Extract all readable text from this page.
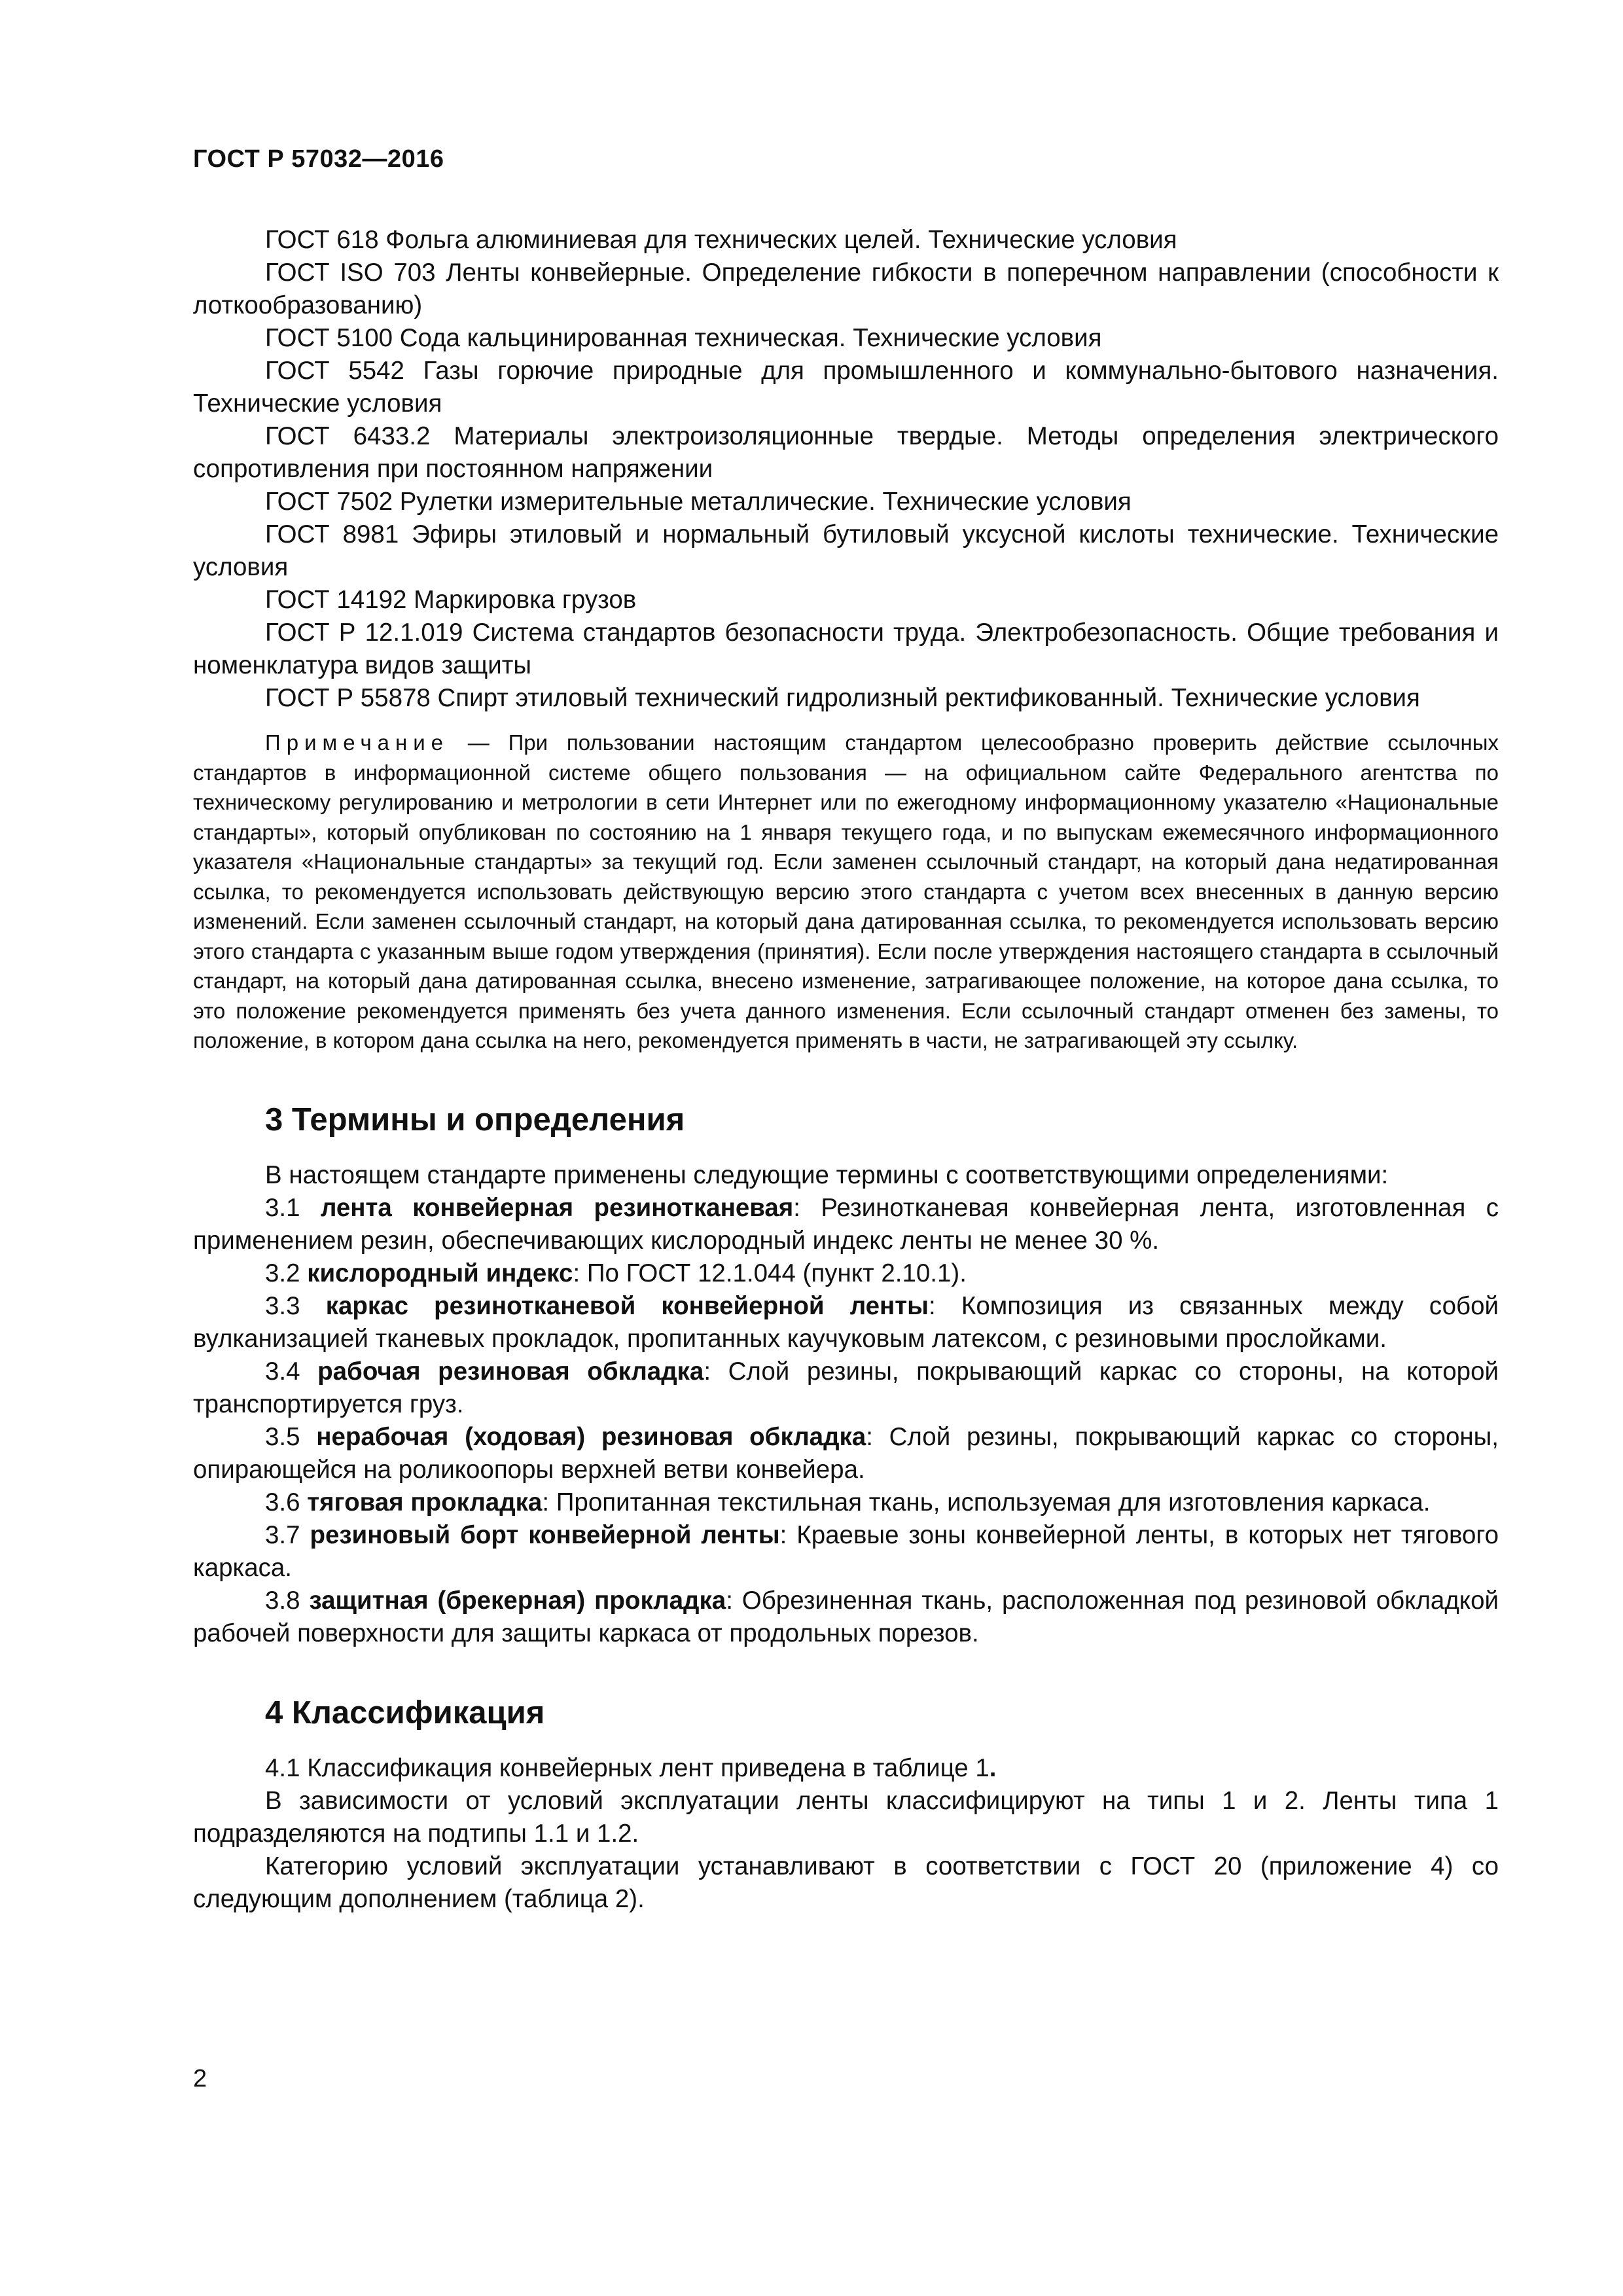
ГОСТ Р 57032—2016

ГОСТ 618 Фольга алюминиевая для технических целей. Технические условия

ГОСТ ISO 703 Ленты конвейерные. Определение гибкости в поперечном направлении (способности к лоткообразованию)

ГОСТ 5100 Сода кальцинированная техническая. Технические условия

ГОСТ 5542 Газы горючие природные для промышленного и коммунально-бытового назначения. Технические условия

ГОСТ 6433.2 Материалы электроизоляционные твердые. Методы определения электрического сопротивления при постоянном напряжении

ГОСТ 7502 Рулетки измерительные металлические. Технические условия

ГОСТ 8981 Эфиры этиловый и нормальный бутиловый уксусной кислоты технические. Технические условия

ГОСТ 14192 Маркировка грузов

ГОСТ Р 12.1.019 Система стандартов безопасности труда. Электробезопасность. Общие требования и номенклатура видов защиты

ГОСТ Р 55878 Спирт этиловый технический гидролизный ректификованный. Технические условия

Примечание — При пользовании настоящим стандартом целесообразно проверить действие ссылочных стандартов в информационной системе общего пользования — на официальном сайте Федерального агентства по техническому регулированию и метрологии в сети Интернет или по ежегодному информационному указателю «Национальные стандарты», который опубликован по состоянию на 1 января текущего года, и по выпускам ежемесячного информационного указателя «Национальные стандарты» за текущий год. Если заменен ссылочный стандарт, на который дана недатированная ссылка, то рекомендуется использовать действующую версию этого стандарта с учетом всех внесенных в данную версию изменений. Если заменен ссылочный стандарт, на который дана датированная ссылка, то рекомендуется использовать версию этого стандарта с указанным выше годом утверждения (принятия). Если после утверждения настоящего стандарта в ссылочный стандарт, на который дана датированная ссылка, внесено изменение, затрагивающее положение, на которое дана ссылка, то это положение рекомендуется применять без учета данного изменения. Если ссылочный стандарт отменен без замены, то положение, в котором дана ссылка на него, рекомендуется применять в части, не затрагивающей эту ссылку.

3 Термины и определения

В настоящем стандарте применены следующие термины с соответствующими определениями:

3.1 лента конвейерная резинотканевая: Резинотканевая конвейерная лента, изготовленная с применением резин, обеспечивающих кислородный индекс ленты не менее 30 %.

3.2 кислородный индекс: По ГОСТ 12.1.044 (пункт 2.10.1).

3.3 каркас резинотканевой конвейерной ленты: Композиция из связанных между собой вулканизацией тканевых прокладок, пропитанных каучуковым латексом, с резиновыми прослойками.

3.4 рабочая резиновая обкладка: Слой резины, покрывающий каркас со стороны, на которой транспортируется груз.

3.5 нерабочая (ходовая) резиновая обкладка: Слой резины, покрывающий каркас со стороны, опирающейся на роликоопоры верхней ветви конвейера.

3.6 тяговая прокладка: Пропитанная текстильная ткань, используемая для изготовления каркаса.

3.7 резиновый борт конвейерной ленты: Краевые зоны конвейерной ленты, в которых нет тягового каркаса.

3.8 защитная (брекерная) прокладка: Обрезиненная ткань, расположенная под резиновой обкладкой рабочей поверхности для защиты каркаса от продольных порезов.

4 Классификация

4.1 Классификация конвейерных лент приведена в таблице 1.

В зависимости от условий эксплуатации ленты классифицируют на типы 1 и 2. Ленты типа 1 подразделяются на подтипы 1.1 и 1.2.

Категорию условий эксплуатации устанавливают в соответствии с ГОСТ 20 (приложение 4) со следующим дополнением (таблица 2).

2
